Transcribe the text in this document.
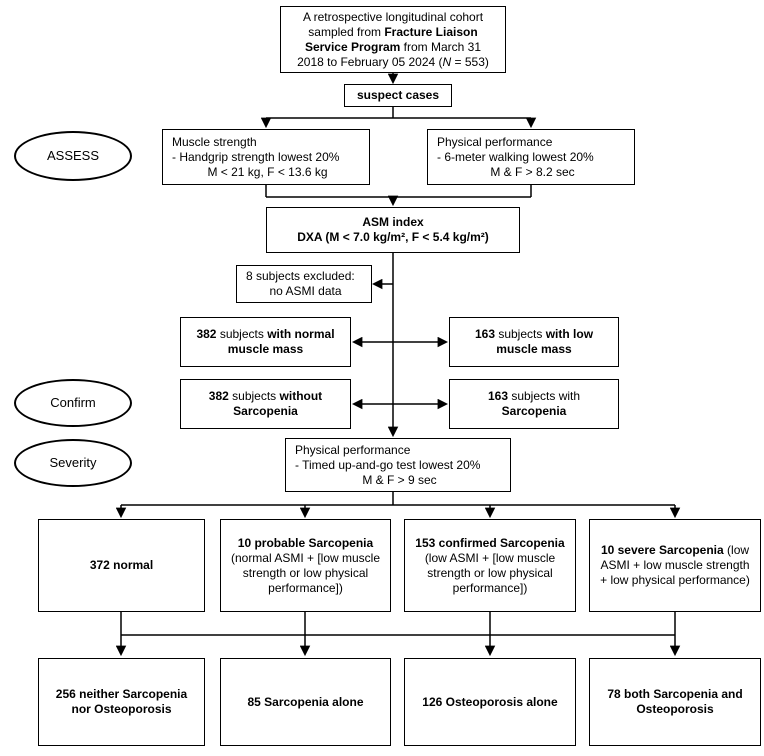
A retrospective longitudinal cohort
sampled from Fracture Liaison
Service Program from March 31
2018 to February 05 2024 (N = 553)
suspect cases
ASSESS
Confirm
Severity
Muscle strength
- Handgrip strength lowest 20%
M < 21 kg, F < 13.6 kg
Physical performance
- 6-meter walking lowest 20%
M & F > 8.2 sec
ASM index
DXA (M < 7.0 kg/m², F < 5.4 kg/m²)
8 subjects excluded:
no ASMI data
382 subjects with normal
muscle mass
163 subjects with low
muscle mass
382 subjects without
Sarcopenia
163 subjects with
Sarcopenia
Physical performance
- Timed up-and-go test lowest 20%
M & F > 9 sec
372 normal
10 probable Sarcopenia (normal ASMI + [low muscle strength or low physical performance])
153 confirmed Sarcopenia (low ASMI + [low muscle strength or low physical performance])
10 severe Sarcopenia (low ASMI + low muscle strength + low physical performance)
256 neither Sarcopenia nor Osteoporosis
85 Sarcopenia alone	126 Osteoporosis alone
78 both Sarcopenia and Osteoporosis
